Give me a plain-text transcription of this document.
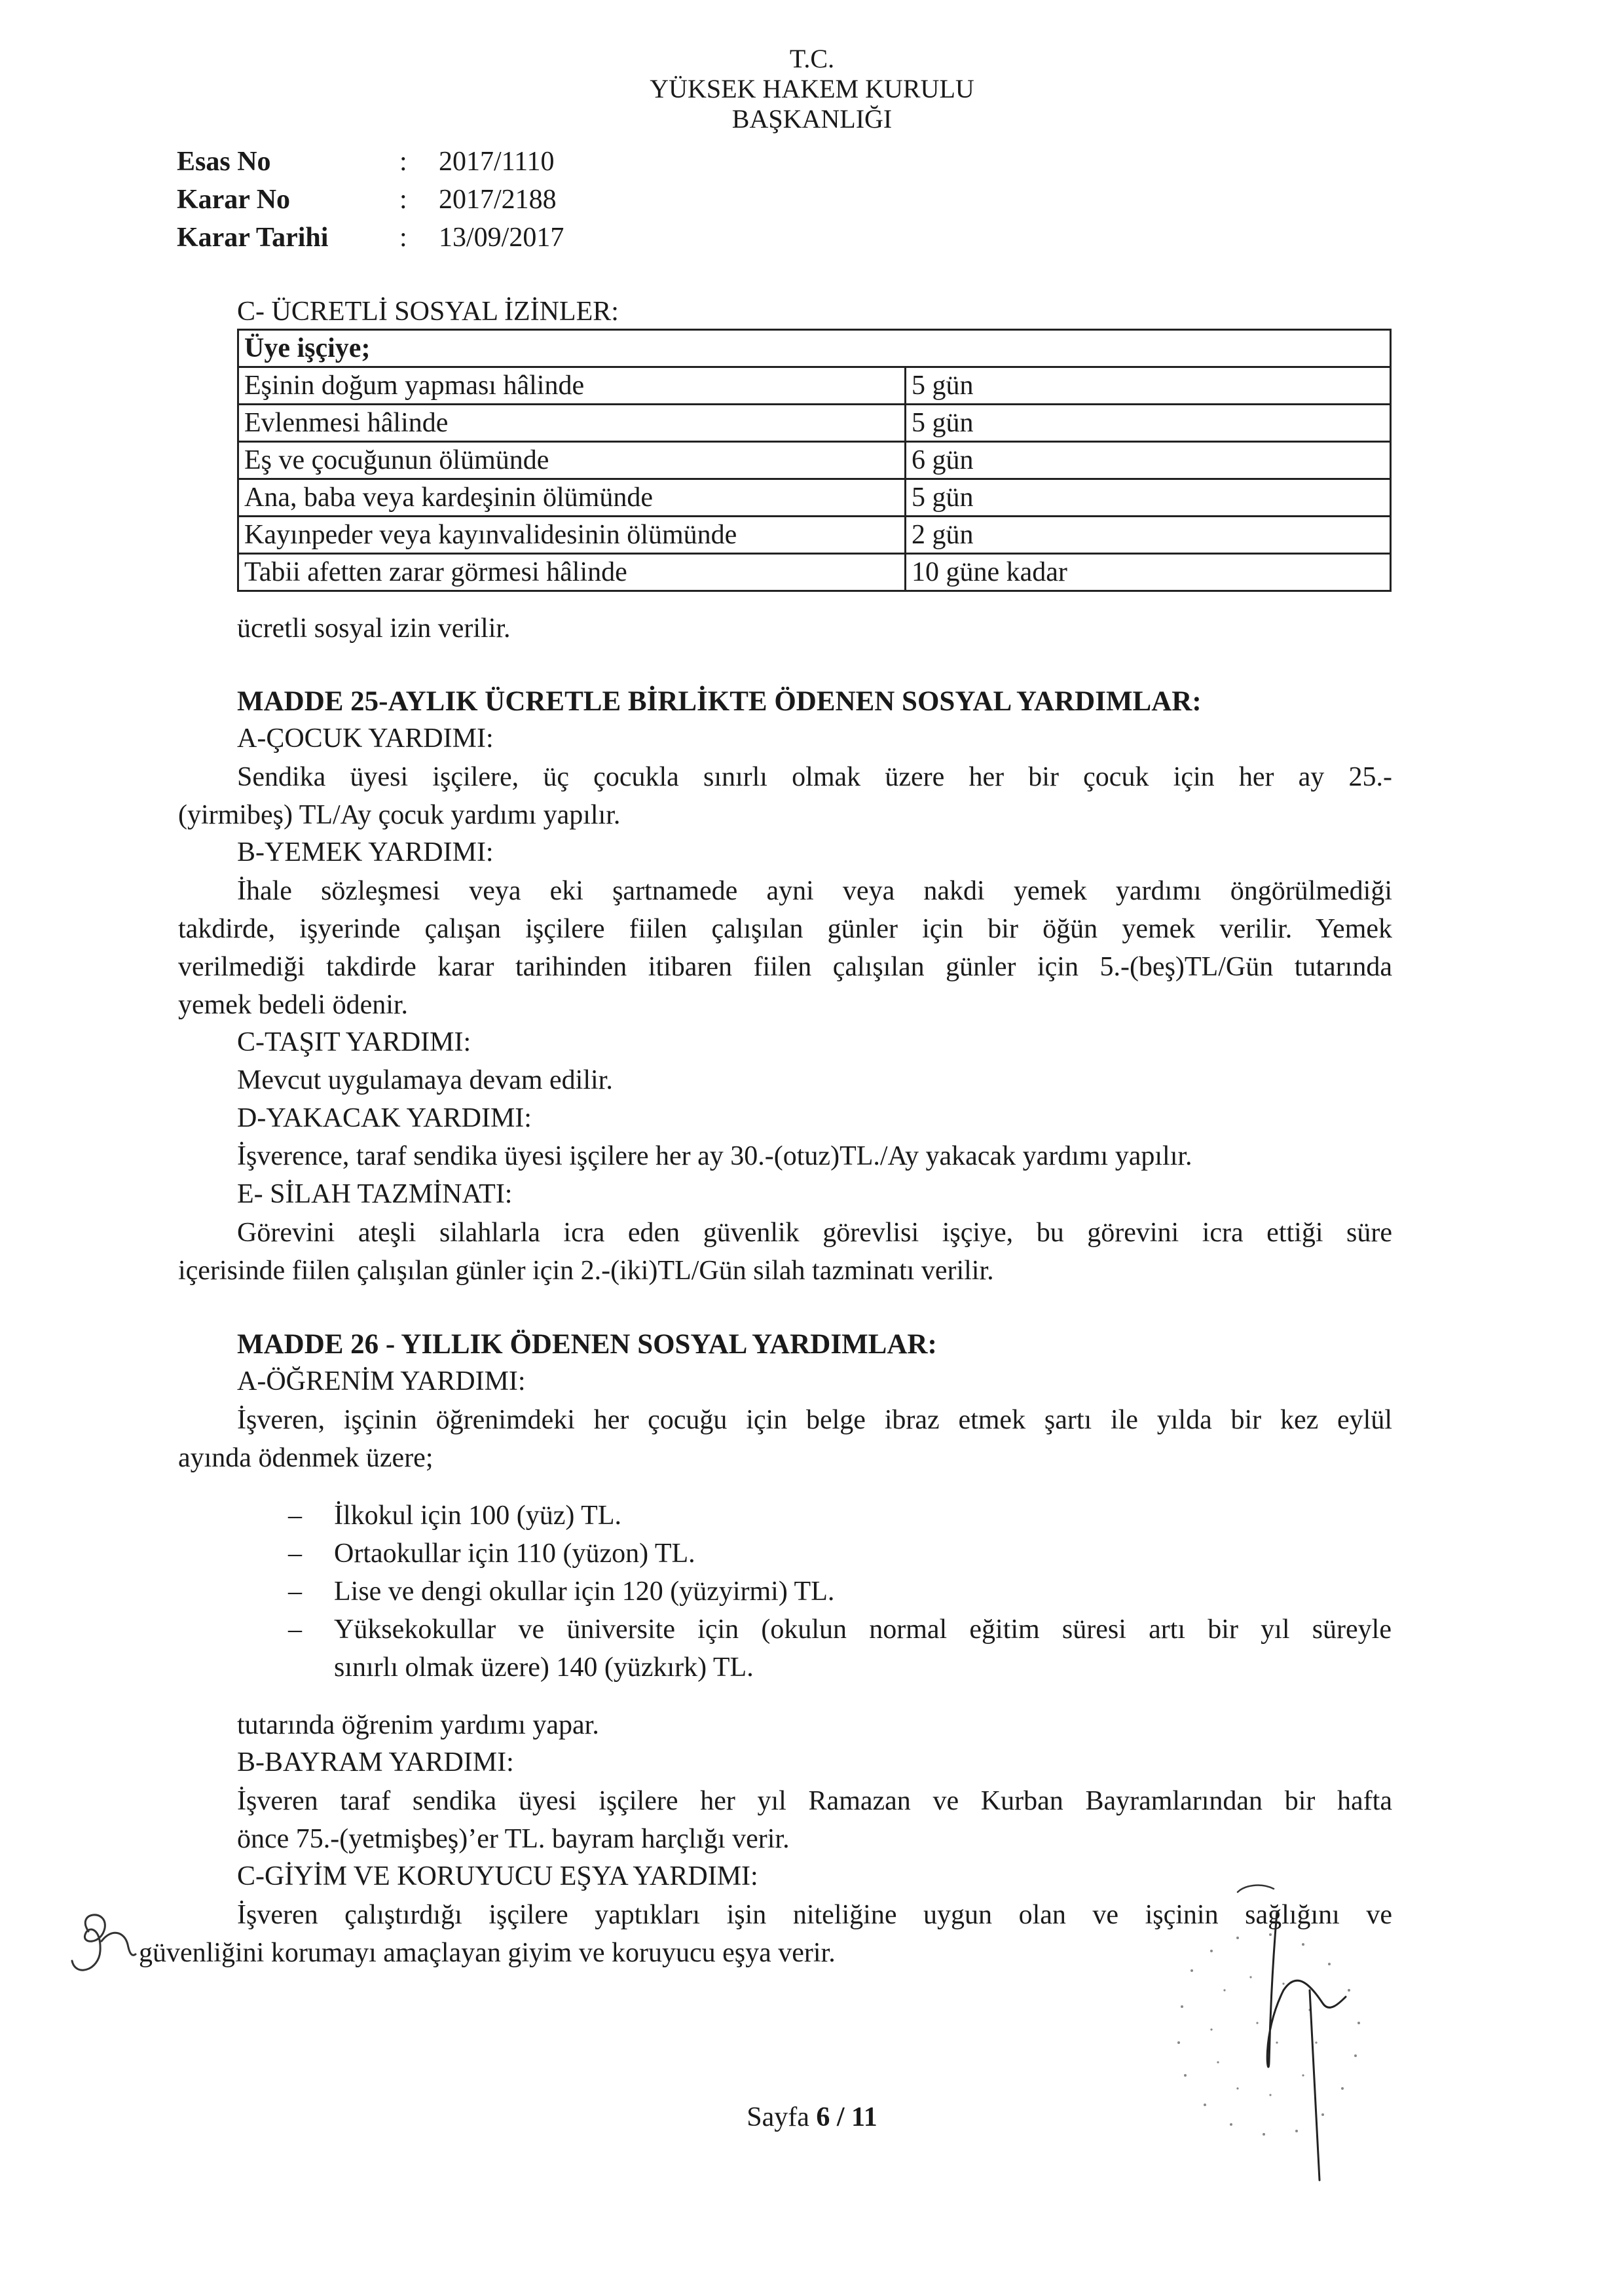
T.C.
YÜKSEK HAKEM KURULU
BAŞKANLIĞI
Esas No	: 2017/1110
Karar No	: 2017/2188
Karar Tarihi	: 13/09/2017
C- ÜCRETLİ SOSYAL İZİNLER:
Üye işçiye;	
Eşinin doğum yapması hâlinde	5 gün
Evlenmesi hâlinde	5 gün
Eş ve çocuğunun ölümünde	6 gün
Ana, baba veya kardeşinin ölümünde	5 gün
Kayınpeder veya kayınvalidesinin ölümünde	2 gün
Tabii afetten zarar görmesi hâlinde	10 güne kadar
ücretli sosyal izin verilir.
MADDE 25-AYLIK ÜCRETLE BİRLİKTE ÖDENEN SOSYAL YARDIMLAR:
A-ÇOCUK YARDIMI:
Sendika üyesi işçilere, üç çocukla sınırlı olmak üzere her bir çocuk için her ay 25.-
(yirmibeş) TL/Ay çocuk yardımı yapılır.
B-YEMEK YARDIMI:
İhale sözleşmesi veya eki şartnamede ayni veya nakdi yemek yardımı öngörülmediği
takdirde, işyerinde çalışan işçilere fiilen çalışılan günler için bir öğün yemek verilir. Yemek
verilmediği takdirde karar tarihinden itibaren fiilen çalışılan günler için 5.-(beş)TL/Gün tutarında
yemek bedeli ödenir.
C-TAŞIT YARDIMI:
Mevcut uygulamaya devam edilir.
D-YAKACAK YARDIMI:
İşverence, taraf sendika üyesi işçilere her ay 30.-(otuz)TL./Ay yakacak yardımı yapılır.
E- SİLAH TAZMİNATI:
Görevini ateşli silahlarla icra eden güvenlik görevlisi işçiye, bu görevini icra ettiği süre
içerisinde fiilen çalışılan günler için 2.-(iki)TL/Gün silah tazminatı verilir.
MADDE 26 - YILLIK ÖDENEN SOSYAL YARDIMLAR:
A-ÖĞRENİM YARDIMI:
İşveren, işçinin öğrenimdeki her çocuğu için belge ibraz etmek şartı ile yılda bir kez eylül
ayında ödenmek üzere;
– İlkokul için 100 (yüz) TL.
– Ortaokullar için 110 (yüzon) TL.
– Lise ve dengi okullar için 120 (yüzyirmi) TL.
– Yüksekokullar ve üniversite için (okulun normal eğitim süresi artı bir yıl süreyle
sınırlı olmak üzere) 140 (yüzkırk) TL.
tutarında öğrenim yardımı yapar.
B-BAYRAM YARDIMI:
İşveren taraf sendika üyesi işçilere her yıl Ramazan ve Kurban Bayramlarından bir hafta
önce 75.-(yetmişbeş)’er TL. bayram harçlığı verir.
C-GİYİM VE KORUYUCU EŞYA YARDIMI:
İşveren çalıştırdığı işçilere yaptıkları işin niteliğine uygun olan ve işçinin sağlığını ve
güvenliğini korumayı amaçlayan giyim ve koruyucu eşya verir.
Sayfa 6 / 11
